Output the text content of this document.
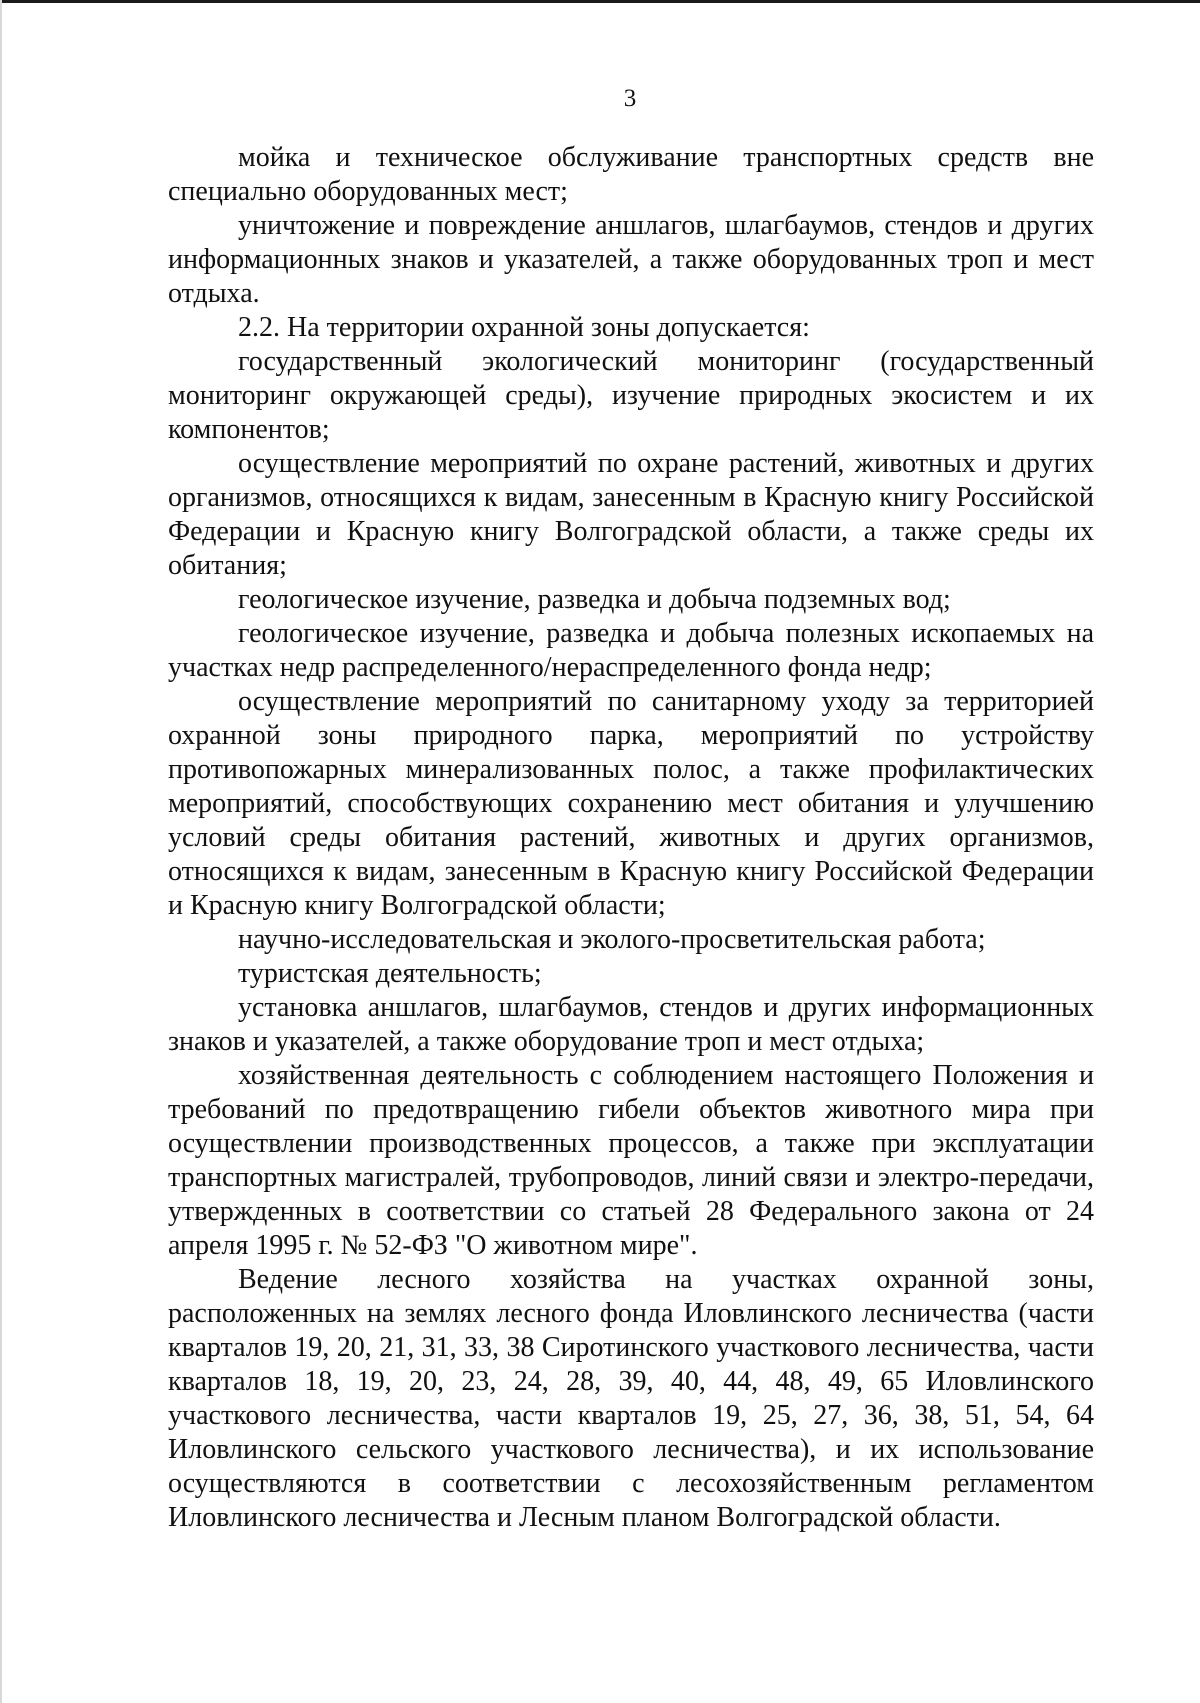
3

мойка и техническое обслуживание транспортных средств вне специально оборудованных мест;

уничтожение и повреждение аншлагов, шлагбаумов, стендов и других информационных знаков и указателей, а также оборудованных троп и мест отдыха.

2.2. На территории охранной зоны допускается:

государственный экологический мониторинг (государственный мониторинг окружающей среды), изучение природных экосистем и их компонентов;

осуществление мероприятий по охране растений, животных и других организмов, относящихся к видам, занесенным в Красную книгу Российской Федерации и Красную книгу Волгоградской области, а также среды их обитания;

геологическое изучение, разведка и добыча подземных вод;

геологическое изучение, разведка и добыча полезных ископаемых на участках недр распределенного/нераспределенного фонда недр;

осуществление мероприятий по санитарному уходу за территорией охранной зоны природного парка, мероприятий по устройству противопожарных минерализованных полос, а также профилактических мероприятий, способствующих сохранению мест обитания и улучшению условий среды обитания растений, животных и других организмов, относящихся к видам, занесенным в Красную книгу Российской Федерации и Красную книгу Волгоградской области;

научно-исследовательская и эколого-просветительская работа;

туристская деятельность;

установка аншлагов, шлагбаумов, стендов и других информационных знаков и указателей, а также оборудование троп и мест отдыха;

хозяйственная деятельность с соблюдением настоящего Положения и требований по предотвращению гибели объектов животного мира при осуществлении производственных процессов, а также при эксплуатации транспортных магистралей, трубопроводов, линий связи и электро-передачи, утвержденных в соответствии со статьей 28 Федерального закона от 24 апреля 1995 г. № 52-ФЗ "О животном мире".

Ведение лесного хозяйства на участках охранной зоны, расположенных на землях лесного фонда Иловлинского лесничества (части кварталов 19, 20, 21, 31, 33, 38 Сиротинского участкового лесничества, части кварталов 18, 19, 20, 23, 24, 28, 39, 40, 44, 48, 49, 65 Иловлинского участкового лесничества, части кварталов 19, 25, 27, 36, 38, 51, 54, 64 Иловлинского сельского участкового лесничества), и их использование осуществляются в соответствии с лесохозяйственным регламентом Иловлинского лесничества и Лесным планом Волгоградской области.
